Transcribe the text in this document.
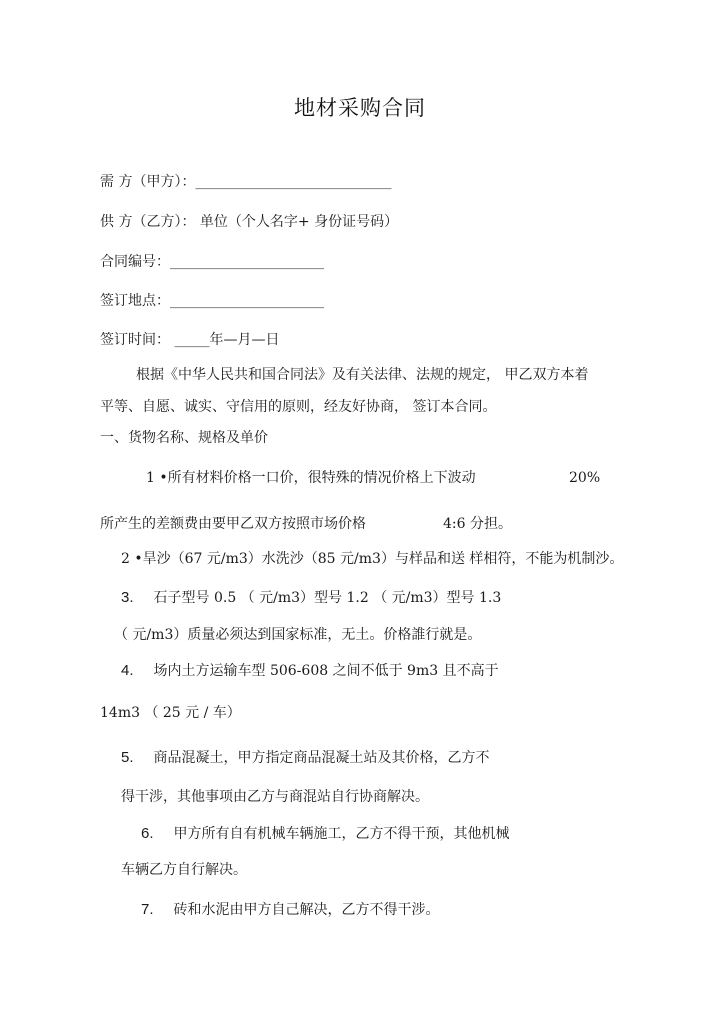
地材采购合同
需 方（甲方）：____________________________
供 方（乙方）： 单位（个人名字+ 身份证号码）
合同编号：______________________
签订地点：______________________
签订时间： _____年—月—日
根据《中华人民共和国合同法》及有关法律、法规的规定， 甲乙双方本着
平等、自愿、诚实、守信用的原则，经友好协商， 签订本合同。
一、货物名称、规格及单价
1 •所有材料价格一口价，很特殊的情况价格上下波动	20%
所产生的差额费由要甲乙双方按照市场价格	4:6 分担。
2 •旱沙（67 元/m3）水洗沙（85 元/m3）与样品和送 样相符，不能为机制沙。
3. 石子型号 0.5 （ 元/m3）型号 1.2 （ 元/m3）型号 1.3
（ 元/m3）质量必须达到国家标准，无土。价格誰行就是。
4. 场内土方运输车型 506-608 之间不低于 9m3 且不高于
14m3 （ 25 元 / 车）
5. 商品混凝土，甲方指定商品混凝土站及其价格，乙方不
得干涉，其他事项由乙方与商混站自行协商解决。
6. 甲方所有自有机械车辆施工，乙方不得干预，其他机械
车辆乙方自行解决。
7. 砖和水泥由甲方自己解决，乙方不得干涉。
